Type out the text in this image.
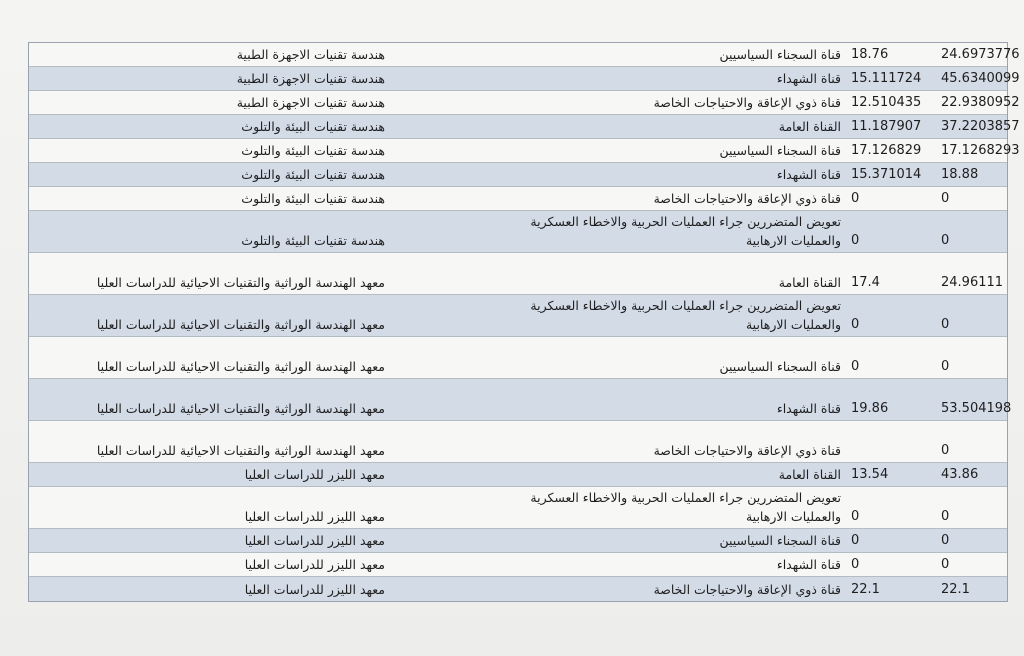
24.6973776
18.76
قناة السجناء السياسيين
هندسة تقنيات الاجهزة الطبية
45.6340099
15.111724
قناة الشهداء
هندسة تقنيات الاجهزة الطبية
22.9380952
12.510435
قناة ذوي الإعاقة والاحتياجات الخاصة
هندسة تقنيات الاجهزة الطبية
37.2203857
11.187907
القناة العامة
هندسة تقنيات البيئة والتلوث
17.1268293
17.126829
قناة السجناء السياسيين
هندسة تقنيات البيئة والتلوث
18.88
15.371014
قناة الشهداء
هندسة تقنيات البيئة والتلوث
0
0
قناة ذوي الإعاقة والاحتياجات الخاصة
هندسة تقنيات البيئة والتلوث
0
0
تعويض المتضررين جراء العمليات الحربية والاخطاء العسكرية والعمليات الارهابية
هندسة تقنيات البيئة والتلوث
24.96111
17.4
القناة العامة
معهد الهندسة الوراثية والتقنيات الاحيائية للدراسات العليا
0
0
تعويض المتضررين جراء العمليات الحربية والاخطاء العسكرية والعمليات الارهابية
معهد الهندسة الوراثية والتقنيات الاحيائية للدراسات العليا
0
0
قناة السجناء السياسيين
معهد الهندسة الوراثية والتقنيات الاحيائية للدراسات العليا
53.504198
19.86
قناة الشهداء
معهد الهندسة الوراثية والتقنيات الاحيائية للدراسات العليا
0
قناة ذوي الإعاقة والاحتياجات الخاصة
معهد الهندسة الوراثية والتقنيات الاحيائية للدراسات العليا
43.86
13.54
القناة العامة
معهد الليزر للدراسات العليا
0
0
تعويض المتضررين جراء العمليات الحربية والاخطاء العسكرية والعمليات الارهابية
معهد الليزر للدراسات العليا
0
0
قناة السجناء السياسيين
معهد الليزر للدراسات العليا
0
0
قناة الشهداء
معهد الليزر للدراسات العليا
22.1
22.1
قناة ذوي الإعاقة والاحتياجات الخاصة
معهد الليزر للدراسات العليا
